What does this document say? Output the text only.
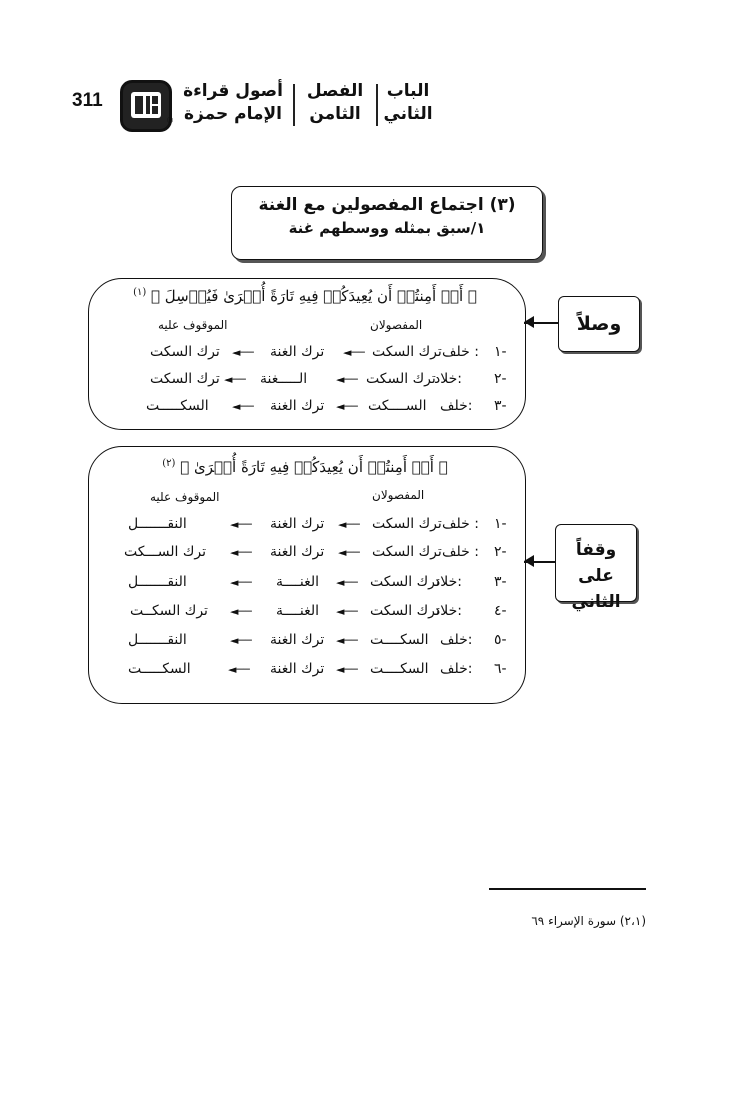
311
®
أصول قراءة
الإمام حمزة
الفصل
الثامن
الباب
الثاني
(٣) اجتماع المفصولين مع الغنة
١/سبق بمثله ووسطهم غنة
﴿ أَمۡ أَمِنتُمۡ أَن يُعِيدَكُمۡ فِيهِ تَارَةً أُخۡرَىٰ فَيُرۡسِلَ ﴾ $^{(١)}$
المفصولان
الموقوف عليه
١-
خلف :
ترك السكت
◄──
ترك الغنة
◄──
ترك السكت
٢-
خلاد:
ترك السكت
◄──
الـــــغنة
◄──
ترك السكت
٣-
خلف:
الســــكت
◄──
ترك الغنة
◄──
السكـــــت
وصلاً
﴿ أَمۡ أَمِنتُمۡ أَن يُعِيدَكُمۡ فِيهِ تَارَةً أُخۡرَىٰ ﴾ $^{(٢)}$
المفصولان
الموقوف عليه
١-
خلف :
ترك السكت
◄──
ترك الغنة
◄──
النقـــــــل
٢-
خلف :
ترك السكت
◄──
ترك الغنة
◄──
ترك الســـكت
٣-
خلاد:
ترك السكت
◄──
الغنــــة
◄──
النقـــــــل
٤-
خلاد:
ترك السكت
◄──
الغنــــة
◄──
ترك السكــت
٥-
خلف:
السكــــت
◄──
ترك الغنة
◄──
النقـــــــل
٦-
خلف:
السكــــت
◄──
ترك الغنة
◄──
السكـــــت
وقفاً على
الثاني
(٢،١) سورة الإسراء ٦٩
